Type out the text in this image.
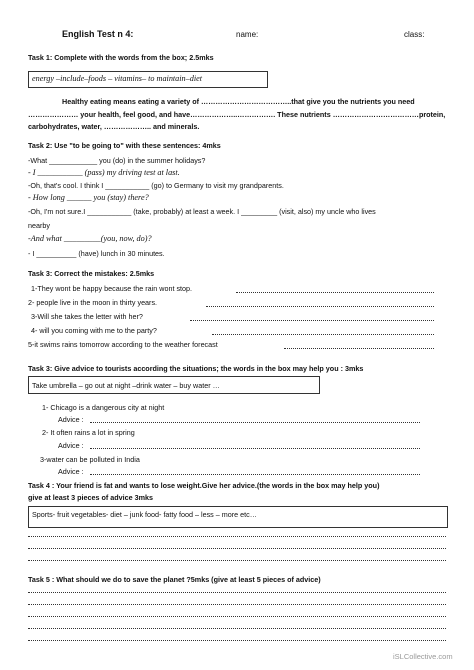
English Test n 4:	name:	class:
Task 1: Complete with the words from the box; 2.5mks
energy –include–foods – vitamins– to maintain–diet
Healthy eating means eating a variety of ………………………………..that give you the nutrients you need
………………… your health, feel good, and have………………..……………. These nutrients ………………………………protein,
carbohydrates, water, ……………….. and minerals.
Task 2: Use "to be going to" with these sentences: 4mks
-What ____________ you (do) in the summer holidays?
- I ___________ (pass) my driving test at last.
-Oh, that's cool. I think I ___________ (go) to Germany to visit my grandparents.
- How long ______ you (stay) there?
-Oh, I'm not sure.I ___________ (take, probably) at least a week. I _________ (visit, also) my uncle who lives
nearby
-And what _________(you, now, do)?
- I __________ (have) lunch in 30 minutes.
Task 3: Correct the mistakes: 2.5mks
1-They wont be happy because the rain wont stop.
2- people live in the moon in thirty years.
3-Will she takes the letter with her?
4- will you coming with me to the party?
5-it swims rains tomorrow according to the weather forecast
Task 3: Give advice to tourists according the situations; the words in the box may help you : 3mks
Take umbrella – go out at night –drink water – buy water …
1- Chicago is a dangerous city at night
Advice :
2- It often rains a lot in spring
Advice :
3-water can be polluted in India
Advice :
Task 4 : Your friend is fat and wants to lose weight.Give her advice.(the words in the box may help you)
give at least 3 pieces of advice 3mks
Sports- fruit vegetables- diet – junk food- fatty food – less – more etc…
Task 5 : What should we do to save the planet ?5mks (give at least 5 pieces of advice)
iSLCollective.com
